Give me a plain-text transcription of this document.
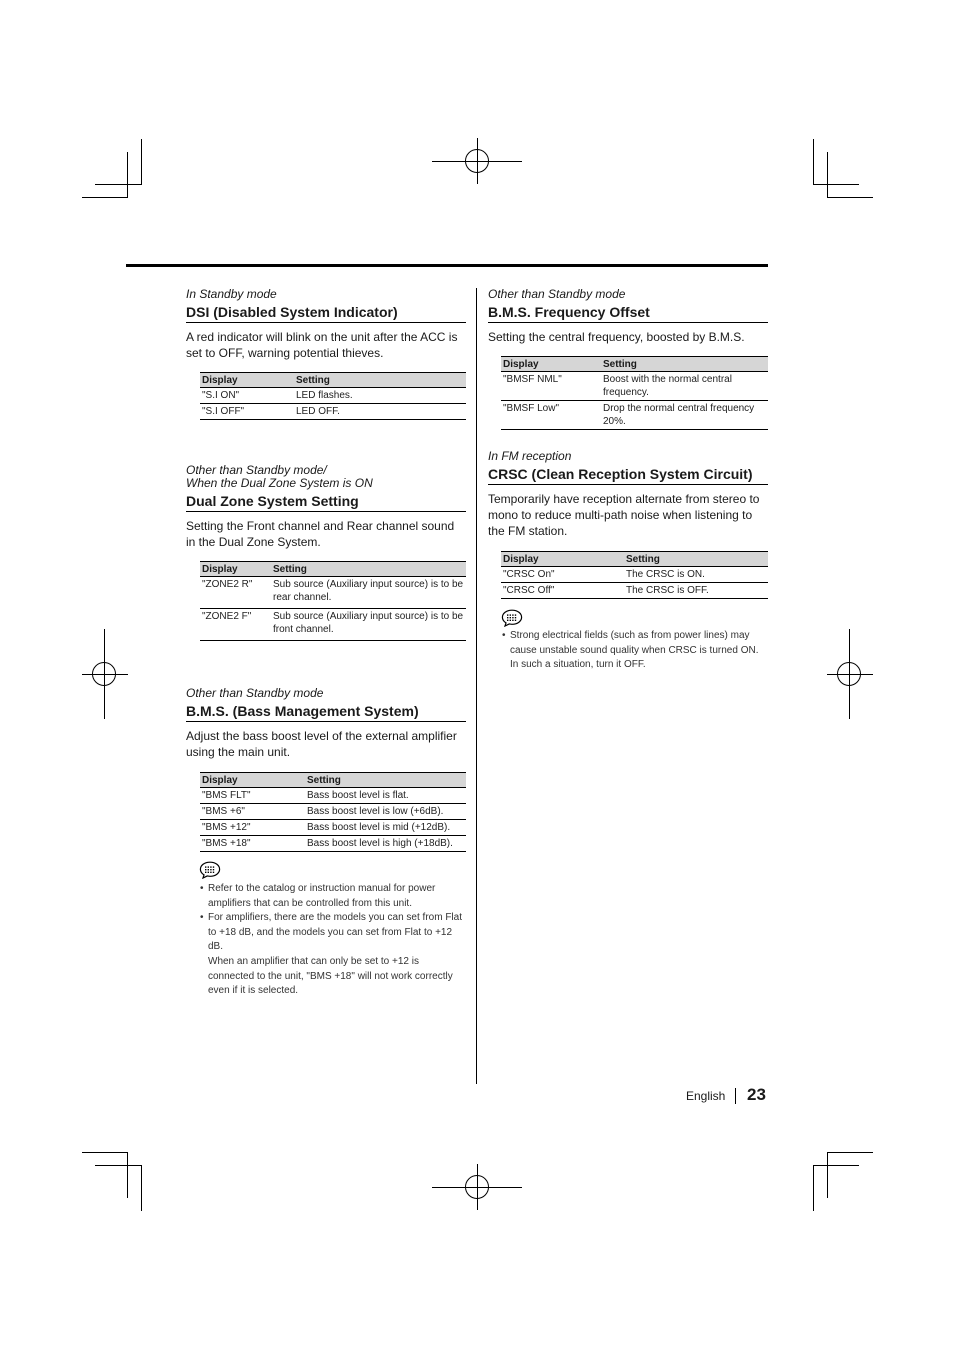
In Standby mode

DSI (Disabled System Indicator)

A red indicator will blink on the unit after the ACC is set to OFF, warning potential thieves.

Display	Setting
"S.I ON"	LED flashes.
"S.I OFF"	LED OFF.

Other than Standby mode/

When the Dual Zone System is ON

Dual Zone System Setting

Setting the Front channel and Rear channel sound in the Dual Zone System.

Display	Setting
"ZONE2 R"	Sub source (Auxiliary input source) is to be rear channel.
"ZONE2 F"	Sub source (Auxiliary input source) is to be front channel.

Other than Standby mode

B.M.S. (Bass Management System)

Adjust the bass boost level of the external amplifier using the main unit.

Display	Setting
"BMS FLT"	Bass boost level is flat.
"BMS +6"	Bass boost level is low (+6dB).
"BMS +12"	Bass boost level is mid (+12dB).
"BMS +18"	Bass boost level is high (+18dB).
• Refer to the catalog or instruction manual for power amplifiers that can be controlled from this unit.
• For amplifiers, there are the models you can set from Flat to +18 dB, and the models you can set from Flat to +12 dB.
When an amplifier that can only be set to +12 is connected to the unit, "BMS +18" will not work correctly even if it is selected.

Other than Standby mode

B.M.S. Frequency Offset

Setting the central frequency, boosted by B.M.S.

Display	Setting
"BMSF NML"	Boost with the normal central frequency.
"BMSF Low"	Drop the normal central frequency 20%.

In FM reception

CRSC (Clean Reception System Circuit)

Temporarily have reception alternate from stereo to mono to reduce multi-path noise when listening to the FM station.

Display	Setting
"CRSC On"	The CRSC is ON.
"CRSC Off"	The CRSC is OFF.
• Strong electrical fields (such as from power lines) may cause unstable sound quality when CRSC is turned ON. In such a situation, turn it OFF.
English 23
